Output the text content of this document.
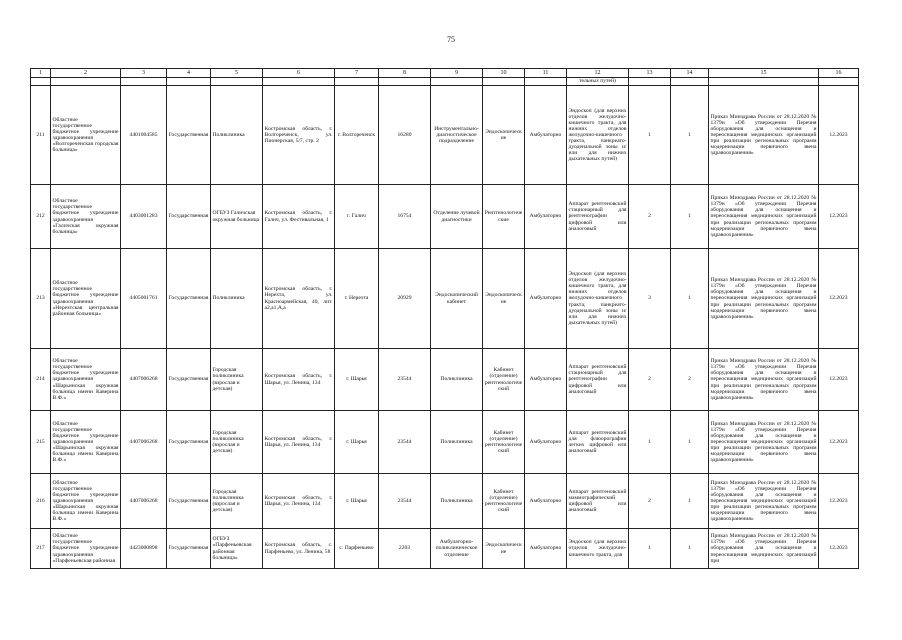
75
1	2	3	4	5	6	7	8	9	10	11	12	13	14	15	16
											тельных путей)				
211	Областное государственное бюджетное учреждение здравоохранения «Волгореченская городская больница»	4401004585	Государственная	Поликлиника	Костромская область, г. Волгореченск, ул. Пионерская, 5/7, стр. 2	г. Волгореченск	16280	Инструментально-диагностическое подразделение	Эндоскопические	Амбулаторно	Эндоскоп (для верхних отделов желудочно-кишечного тракта, для нижних отделов желудочно-кишечного тракта, панкреато-дуоденальной зоны и/или для нижних дыхательных путей)	1	1	Приказ Минздрава России от 28.12.2020 № 1379н «Об утверждении Перечня оборудования для оснащения и переоснащения медицинских организаций при реализации региональных программ модернизации первичного звена здравоохранения»	12.2023
212	Областное государственное бюджетное учреждение здравоохранения «Галичская окружная больница»	4403001283	Государственная	ОГБУЗ Галичская окружная больница	Костромская область, г. Галич, ул. Фестивальная, 1	г. Галич	16754	Отделение лучевой диагностики	Рентгенологические	Амбулаторно	Аппарат рентгеновский стационарный для рентгенографии цифровой или аналоговый	2	1	Приказ Минздрава России от 28.12.2020 № 1379н «Об утверждении Перечня оборудования для оснащения и переоснащения медицинских организаций при реализации региональных программ модернизации первичного звена здравоохранения»	12.2023
213	Областное государственное бюджетное учреждение здравоохранения «Нерехтская центральная районная больница»	4405001761	Государственная	Поликлиника	Костромская область, г. Нерехта, ул. Красноармейская, 40, лит. а2,а1,А,а	г. Нерехта	20929	Эндоскопический кабинет	Эндоскопические	Амбулаторно	Эндоскоп (для верхних отделов желудочно-кишечного тракта, для нижних отделов желудочно-кишечного тракта, панкреато-дуоденальной зоны и/или для нижних дыхательных путей)	3	1	Приказ Минздрава России от 28.12.2020 № 1379н «Об утверждении Перечня оборудования для оснащения и переоснащения медицинских организаций при реализации региональных программ модернизации первичного звена здравоохранения»	12.2023
214	Областное государственное бюджетное учреждение здравоохранения «Шарьинская окружная больница имени Каверина В.Ф.»	4407006268	Государственная	Городская поликлиника (взрослая и детская)	Костромская область, г. Шарья, ул. Ленина, 134	г. Шарья	23544	Поликлиника	Кабинет (отделение) рентгенологический	Амбулаторно	Аппарат рентгеновский стационарный для рентгенографии цифровой или аналоговый	2	2	Приказ Минздрава России от 28.12.2020 № 1379н «Об утверждении Перечня оборудования для оснащения и переоснащения медицинских организаций при реализации региональных программ модернизации первичного звена здравоохранения»	12.2023
215	Областное государственное бюджетное учреждение здравоохранения «Шарьинская окружная больница имени Каверина В.Ф.»	4407006268	Государственная	Городская поликлиника (взрослая и детская)	Костромская область, г. Шарья, ул. Ленина, 134	г. Шарья	23544	Поликлиника	Кабинет (отделение) рентгенологический	Амбулаторно	Аппарат рентгеновский для флюорографии легких цифровой или аналоговый	1	1	Приказ Минздрава России от 28.12.2020 № 1379н «Об утверждении Перечня оборудования для оснащения и переоснащения медицинских организаций при реализации региональных программ модернизации первичного звена здравоохранения»	12.2023
216	Областное государственное бюджетное учреждение здравоохранения «Шарьинская окружная больница имени Каверина В.Ф.»	4407006268	Государственная	Городская поликлиника (взрослая и детская)	Костромская область, г. Шарья, ул. Ленина, 134	г. Шарья	23544	Поликлиника	Кабинет (отделение) рентгенологический	Амбулаторно	Аппарат рентгеновский маммографический цифровой или аналоговый	2	1	Приказ Минздрава России от 28.12.2020 № 1379н «Об утверждении Перечня оборудования для оснащения и переоснащения медицинских организаций при реализации региональных программ модернизации первичного звена здравоохранения»	12.2023
217	Областное государственное бюджетное учреждение здравоохранения «Парфеньевская районная	4423000898	Государственная	ОГБУЗ «Парфеньевская районная больница»	Костромская область, с. Парфеньево, ул. Ленина, 58	с. Парфеньево	2203	Амбулаторно-поликлиническое отделение	Эндоскопические	Амбулаторно	Эндоскоп (для верхних отделов желудочно-кишечного тракта, для	1	1	Приказ Минздрава России от 28.12.2020 № 1379н «Об утверждении Перечня оборудования для оснащения и переоснащения медицинских организаций при	12.2023
